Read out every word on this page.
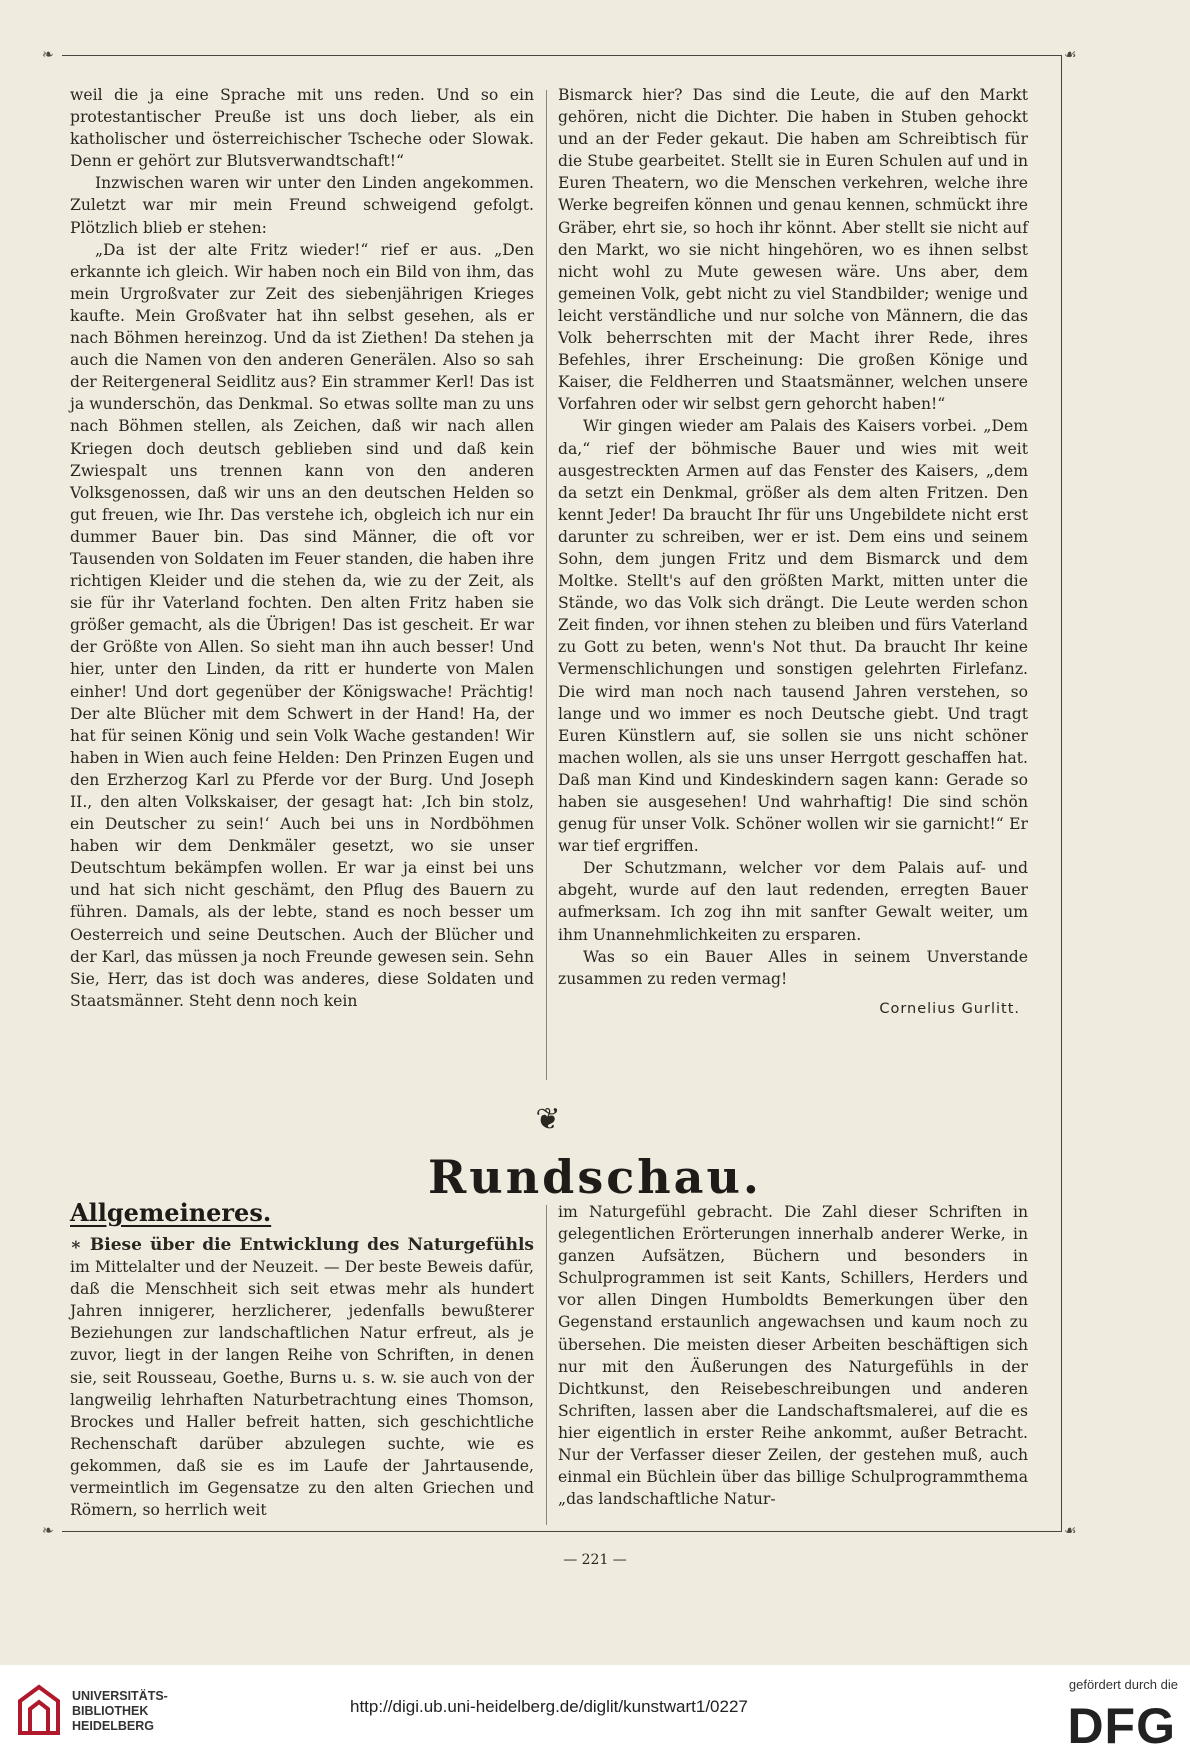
❧	☙

weil die ja eine Sprache mit uns reden. Und so ein protestantischer Preuße ist uns doch lieber, als ein katholischer und österreichischer Tscheche oder Slowak. Denn er gehört zur Blutsverwandtschaft!“

Inzwischen waren wir unter den Linden angekommen. Zuletzt war mir mein Freund schweigend gefolgt. Plötzlich blieb er stehen:

„Da ist der alte Fritz wieder!“ rief er aus. „Den erkannte ich gleich. Wir haben noch ein Bild von ihm, das mein Urgroßvater zur Zeit des siebenjährigen Krieges kaufte. Mein Großvater hat ihn selbst gesehen, als er nach Böhmen hereinzog. Und da ist Ziethen! Da stehen ja auch die Namen von den anderen Generälen. Also so sah der Reitergeneral Seidlitz aus? Ein strammer Kerl! Das ist ja wunderschön, das Denkmal. So etwas sollte man zu uns nach Böhmen stellen, als Zeichen, daß wir nach allen Kriegen doch deutsch geblieben sind und daß kein Zwiespalt uns trennen kann von den anderen Volksgenossen, daß wir uns an den deutschen Helden so gut freuen, wie Ihr. Das verstehe ich, obgleich ich nur ein dummer Bauer bin. Das sind Männer, die oft vor Tausenden von Soldaten im Feuer standen, die haben ihre richtigen Kleider und die stehen da, wie zu der Zeit, als sie für ihr Vaterland fochten. Den alten Fritz haben sie größer gemacht, als die Übrigen! Das ist gescheit. Er war der Größte von Allen. So sieht man ihn auch besser! Und hier, unter den Linden, da ritt er hunderte von Malen einher! Und dort gegenüber der Königswache! Prächtig! Der alte Blücher mit dem Schwert in der Hand! Ha, der hat für seinen König und sein Volk Wache gestanden! Wir haben in Wien auch feine Helden: Den Prinzen Eugen und den Erzherzog Karl zu Pferde vor der Burg. Und Joseph II., den alten Volkskaiser, der gesagt hat: ‚Ich bin stolz, ein Deutscher zu sein!‘ Auch bei uns in Nordböhmen haben wir dem Denkmäler gesetzt, wo sie unser Deutschtum bekämpfen wollen. Er war ja einst bei uns und hat sich nicht geschämt, den Pflug des Bauern zu führen. Damals, als der lebte, stand es noch besser um Oesterreich und seine Deutschen. Auch der Blücher und der Karl, das müssen ja noch Freunde gewesen sein. Sehn Sie, Herr, das ist doch was anderes, diese Soldaten und Staatsmänner. Steht denn noch kein

Bismarck hier? Das sind die Leute, die auf den Markt gehören, nicht die Dichter. Die haben in Stuben gehockt und an der Feder gekaut. Die haben am Schreibtisch für die Stube gearbeitet. Stellt sie in Euren Schulen auf und in Euren Theatern, wo die Menschen verkehren, welche ihre Werke begreifen können und genau kennen, schmückt ihre Gräber, ehrt sie, so hoch ihr könnt. Aber stellt sie nicht auf den Markt, wo sie nicht hingehören, wo es ihnen selbst nicht wohl zu Mute gewesen wäre. Uns aber, dem gemeinen Volk, gebt nicht zu viel Standbilder; wenige und leicht verständliche und nur solche von Männern, die das Volk beherrschten mit der Macht ihrer Rede, ihres Befehles, ihrer Erscheinung: Die großen Könige und Kaiser, die Feldherren und Staatsmänner, welchen unsere Vorfahren oder wir selbst gern gehorcht haben!“

Wir gingen wieder am Palais des Kaisers vorbei. „Dem da,“ rief der böhmische Bauer und wies mit weit ausgestreckten Armen auf das Fenster des Kaisers, „dem da setzt ein Denkmal, größer als dem alten Fritzen. Den kennt Jeder! Da braucht Ihr für uns Ungebildete nicht erst darunter zu schreiben, wer er ist. Dem eins und seinem Sohn, dem jungen Fritz und dem Bismarck und dem Moltke. Stellt's auf den größten Markt, mitten unter die Stände, wo das Volk sich drängt. Die Leute werden schon Zeit finden, vor ihnen stehen zu bleiben und fürs Vaterland zu Gott zu beten, wenn's Not thut. Da braucht Ihr keine Vermenschlichungen und sonstigen gelehrten Firlefanz. Die wird man noch nach tausend Jahren verstehen, so lange und wo immer es noch Deutsche giebt. Und tragt Euren Künstlern auf, sie sollen sie uns nicht schöner machen wollen, als sie uns unser Herrgott geschaffen hat. Daß man Kind und Kindeskindern sagen kann: Gerade so haben sie ausgesehen! Und wahrhaftig! Die sind schön genug für unser Volk. Schöner wollen wir sie garnicht!“ Er war tief ergriffen.

Der Schutzmann, welcher vor dem Palais auf- und abgeht, wurde auf den laut redenden, erregten Bauer aufmerksam. Ich zog ihn mit sanfter Gewalt weiter, um ihm Unannehmlichkeiten zu ersparen.

Was so ein Bauer Alles in seinem Unverstande zusammen zu reden vermag!

Cornelius Gurlitt.
❦
Rundschau.
Allgemeineres.

∗ Biese über die Entwicklung des Naturgefühls im Mittelalter und der Neuzeit. — Der beste Beweis dafür, daß die Menschheit sich seit etwas mehr als hundert Jahren innigerer, herzlicherer, jedenfalls bewußterer Beziehungen zur landschaftlichen Natur erfreut, als je zuvor, liegt in der langen Reihe von Schriften, in denen sie, seit Rousseau, Goethe, Burns u. s. w. sie auch von der langweilig lehrhaften Naturbetrachtung eines Thomson, Brockes und Haller befreit hatten, sich geschichtliche Rechenschaft darüber abzulegen suchte, wie es gekommen, daß sie es im Laufe der Jahrtausende, vermeintlich im Gegensatze zu den alten Griechen und Römern, so herrlich weit

im Naturgefühl gebracht. Die Zahl dieser Schriften in gelegentlichen Erörterungen innerhalb anderer Werke, in ganzen Aufsätzen, Büchern und besonders in Schulprogrammen ist seit Kants, Schillers, Herders und vor allen Dingen Humboldts Bemerkungen über den Gegenstand erstaunlich angewachsen und kaum noch zu übersehen. Die meisten dieser Arbeiten beschäftigen sich nur mit den Äußerungen des Naturgefühls in der Dichtkunst, den Reisebeschreibungen und anderen Schriften, lassen aber die Landschaftsmalerei, auf die es hier eigentlich in erster Reihe ankommt, außer Betracht. Nur der Verfasser dieser Zeilen, der gestehen muß, auch einmal ein Büchlein über das billige Schulprogrammthema „das landschaftliche Natur-

❧	☙
— 221 —
UNIVERSITÄTS-
BIBLIOTHEK
HEIDELBERG
http://digi.ub.uni-heidelberg.de/diglit/kunstwart1/0227
gefördert durch die
DFG
